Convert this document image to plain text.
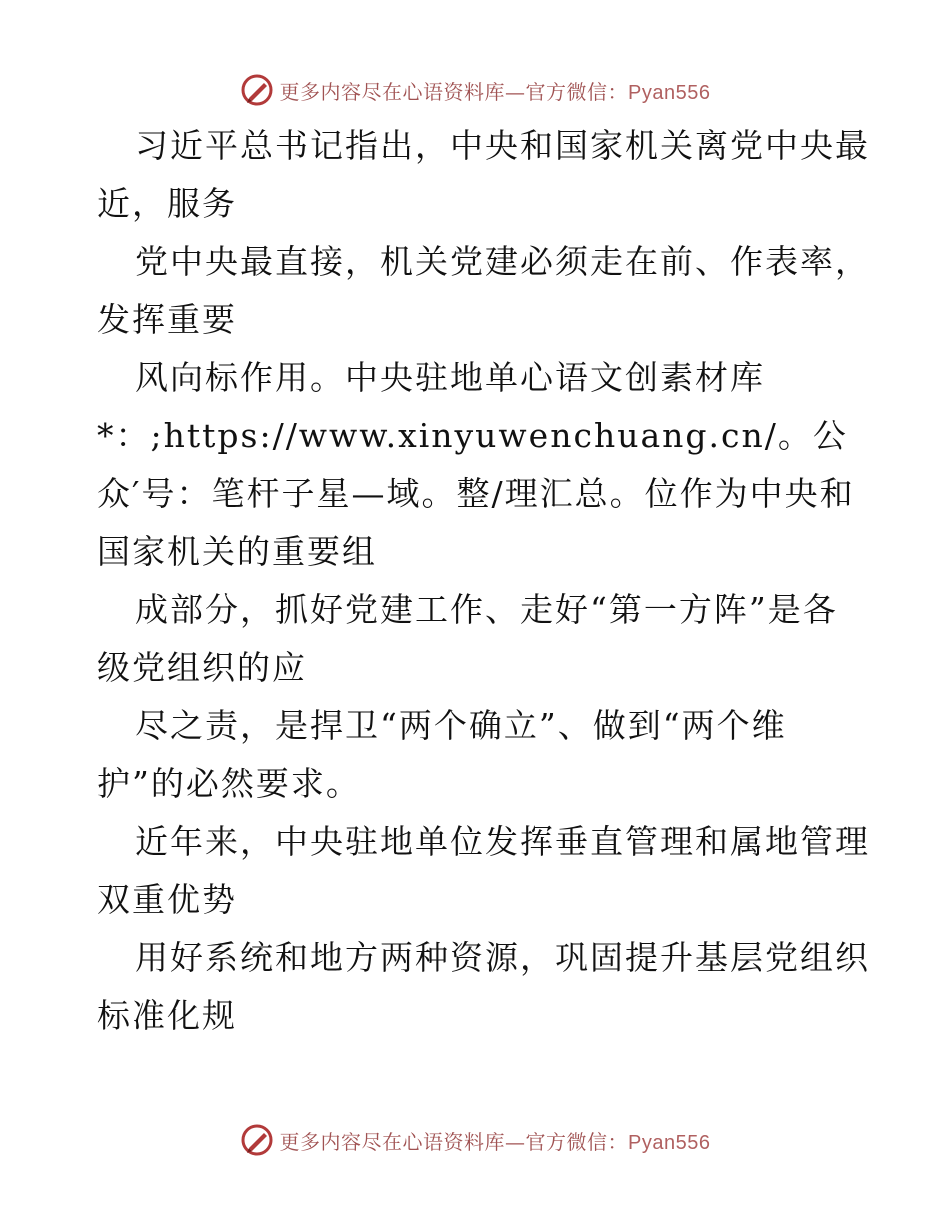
更多内容尽在心语资料库—官方微信：Pyan556
习近平总书记指出，中央和国家机关离党中央最
近，服务
党中央最直接，机关党建必须走在前、作表率，
发挥重要
风向标作用。中央驻地单心语文创素材库
*：;https://www.xinyuwenchuang.cn/。公
众′号：笔杆子星—域。整/理汇总。位作为中央和
国家机关的重要组
成部分，抓好党建工作、走好“第一方阵”是各
级党组织的应
尽之责，是捍卫“两个确立”、做到“两个维
护”的必然要求。
近年来，中央驻地单位发挥垂直管理和属地管理
双重优势
用好系统和地方两种资源，巩固提升基层党组织
标准化规
更多内容尽在心语资料库—官方微信：Pyan556
